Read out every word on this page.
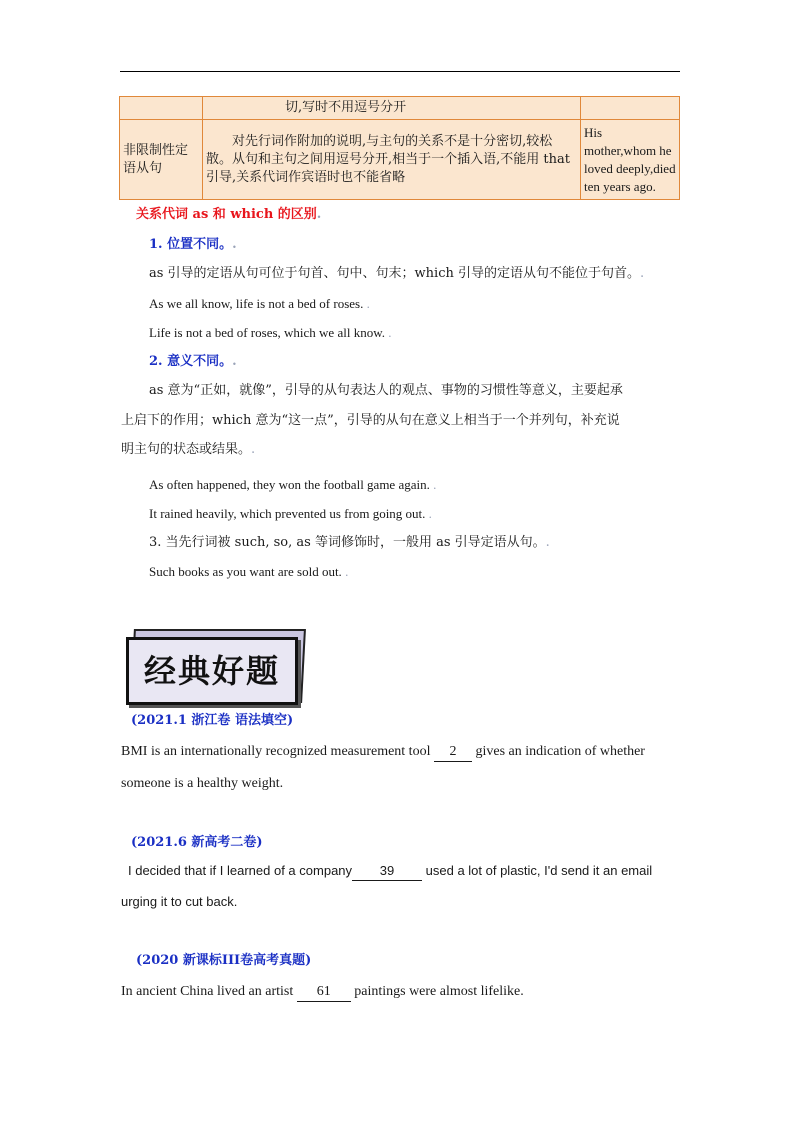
	切,写时不用逗号分开	
非限制性定语从句	对先行词作附加的说明,与主句的关系不是十分密切,较松散。从句和主句之间用逗号分开,相当于一个插入语,不能用 that 引导,关系代词作宾语时也不能省略	His mother,whom he loved deeply,died ten years ago.
关系代词 as 和 which 的区别.
1. 位置不同。.
as 引导的定语从句可位于句首、句中、句末；which 引导的定语从句不能位于句首。.
As we all know, life is not a bed of roses. .
Life is not a bed of roses, which we all know. .
2. 意义不同。.
as 意为“正如，就像”，引导的从句表达人的观点、事物的习惯性等意义，主要起承
上启下的作用；which 意为“这一点”，引导的从句在意义上相当于一个并列句，补充说
明主句的状态或结果。.
As often happened, they won the football game again. .
It rained heavily, which prevented us from going out. .
3. 当先行词被 such, so, as 等词修饰时，一般用 as 引导定语从句。.
Such books as you want are sold out. .
经典好题
(2021.1 浙江卷 语法填空)
BMI is an internationally recognized measurement tool 2 gives an indication of whether
someone is a healthy weight.
(2021.6 新高考二卷)
I decided that if I learned of a company 39 used a lot of plastic, I'd send it an email
urging it to cut back.
(2020 新课标III卷高考真题)
In ancient China lived an artist 61 paintings were almost lifelike.
